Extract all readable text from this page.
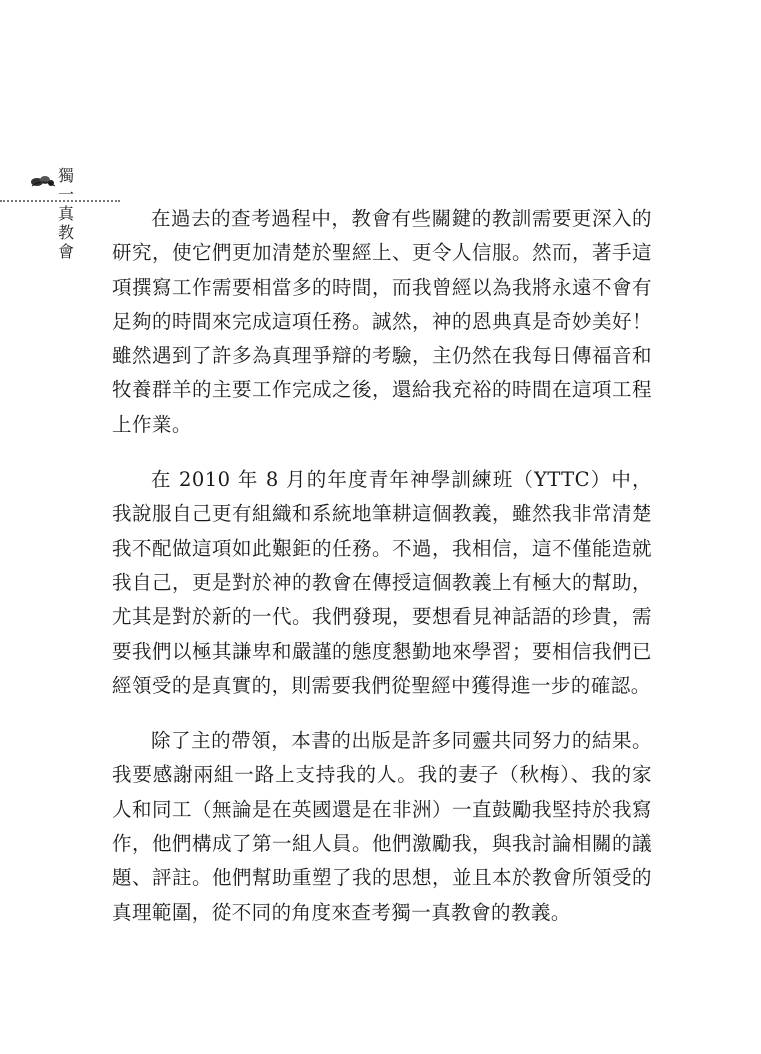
獨
一
真
教
會

在過去的查考過程中，教會有些關鍵的教訓需要更深入的研究，使它們更加清楚於聖經上、更令人信服。然而，著手這項撰寫工作需要相當多的時間，而我曾經以為我將永遠不會有足夠的時間來完成這項任務。誠然，神的恩典真是奇妙美好！雖然遇到了許多為真理爭辯的考驗，主仍然在我每日傳福音和牧養群羊的主要工作完成之後，還給我充裕的時間在這項工程上作業。

在 2010 年 8 月的年度青年神學訓練班（YTTC）中，我說服自己更有組織和系統地筆耕這個教義，雖然我非常清楚我不配做這項如此艱鉅的任務。不過，我相信，這不僅能造就我自己，更是對於神的教會在傳授這個教義上有極大的幫助，尤其是對於新的一代。我們發現，要想看見神話語的珍貴，需要我們以極其謙卑和嚴謹的態度懇勤地來學習；要相信我們已經領受的是真實的，則需要我們從聖經中獲得進一步的確認。

除了主的帶領，本書的出版是許多同靈共同努力的結果。我要感謝兩組一路上支持我的人。我的妻子（秋梅）、我的家人和同工（無論是在英國還是在非洲）一直鼓勵我堅持於我寫作，他們構成了第一組人員。他們激勵我，與我討論相關的議題、評註。他們幫助重塑了我的思想，並且本於教會所領受的真理範圍，從不同的角度來查考獨一真教會的教義。
